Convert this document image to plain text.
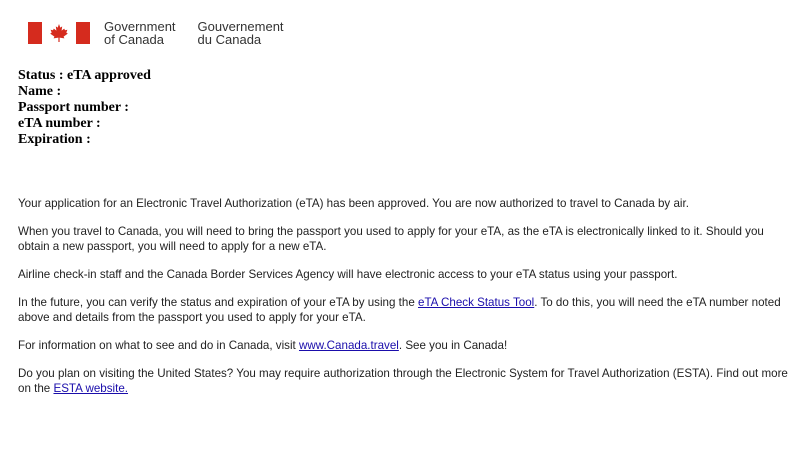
Government
of Canada
Gouvernement
du Canada
Status : eTA approved
Name :
Passport number :
eTA number :
Expiration :

Your application for an Electronic Travel Authorization (eTA) has been approved. You are now authorized to travel to Canada by air.

When you travel to Canada, you will need to bring the passport you used to apply for your eTA, as the eTA is electronically linked to it. Should you obtain a new passport, you will need to apply for a new eTA.

Airline check-in staff and the Canada Border Services Agency will have electronic access to your eTA status using your passport.

In the future, you can verify the status and expiration of your eTA by using the eTA Check Status Tool. To do this, you will need the eTA number noted above and details from the passport you used to apply for your eTA.

For information on what to see and do in Canada, visit www.Canada.travel. See you in Canada!

Do you plan on visiting the United States? You may require authorization through the Electronic System for Travel Authorization (ESTA). Find out more on the ESTA website.
